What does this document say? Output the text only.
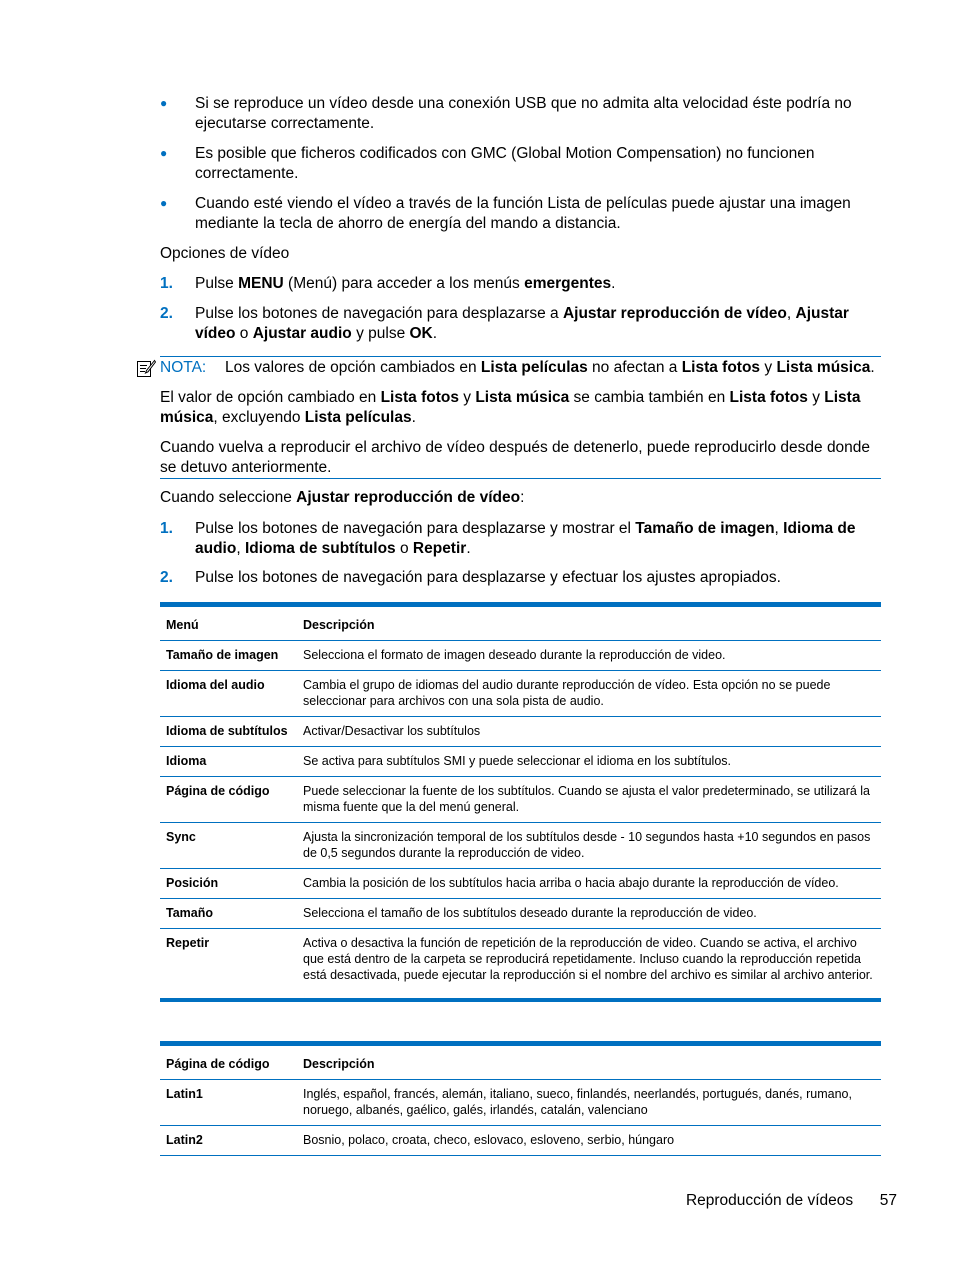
● Si se reproduce un vídeo desde una conexión USB que no admita alta velocidad éste podría no ejecutarse correctamente.
● Es posible que ficheros codificados con GMC (Global Motion Compensation) no funcionen correctamente.
● Cuando esté viendo el vídeo a través de la función Lista de películas puede ajustar una imagen mediante la tecla de ahorro de energía del mando a distancia.
Opciones de vídeo
1. Pulse MENU (Menú) para acceder a los menús emergentes.
2. Pulse los botones de navegación para desplazarse a Ajustar reproducción de vídeo, Ajustar vídeo o Ajustar audio y pulse OK.
NOTA: Los valores de opción cambiados en Lista películas no afectan a Lista fotos y Lista música.
El valor de opción cambiado en Lista fotos y Lista música se cambia también en Lista fotos y Lista música, excluyendo Lista películas.
Cuando vuelva a reproducir el archivo de vídeo después de detenerlo, puede reproducirlo desde donde se detuvo anteriormente.
Cuando seleccione Ajustar reproducción de vídeo:
1. Pulse los botones de navegación para desplazarse y mostrar el Tamaño de imagen, Idioma de audio, Idioma de subtítulos o Repetir.
2. Pulse los botones de navegación para desplazarse y efectuar los ajustes apropiados.
Menú	Descripción
Tamaño de imagen	Selecciona el formato de imagen deseado durante la reproducción de video.
Idioma del audio	Cambia el grupo de idiomas del audio durante reproducción de vídeo. Esta opción no se puede seleccionar para archivos con una sola pista de audio.
Idioma de subtítulos	Activar/Desactivar los subtítulos
Idioma	Se activa para subtítulos SMI y puede seleccionar el idioma en los subtítulos.
Página de código	Puede seleccionar la fuente de los subtítulos. Cuando se ajusta el valor predeterminado, se utilizará la misma fuente que la del menú general.
Sync	Ajusta la sincronización temporal de los subtítulos desde - 10 segundos hasta +10 segundos en pasos de 0,5 segundos durante la reproducción de video.
Posición	Cambia la posición de los subtítulos hacia arriba o hacia abajo durante la reproducción de vídeo.
Tamaño	Selecciona el tamaño de los subtítulos deseado durante la reproducción de video.
Repetir	Activa o desactiva la función de repetición de la reproducción de video. Cuando se activa, el archivo que está dentro de la carpeta se reproducirá repetidamente. Incluso cuando la reproducción repetida está desactivada, puede ejecutar la reproducción si el nombre del archivo es similar al archivo anterior.
Página de código	Descripción
Latin1	Inglés, español, francés, alemán, italiano, sueco, finlandés, neerlandés, portugués, danés, rumano, noruego, albanés, gaélico, galés, irlandés, catalán, valenciano
Latin2	Bosnio, polaco, croata, checo, eslovaco, esloveno, serbio, húngaro
Reproducción de vídeos 57
